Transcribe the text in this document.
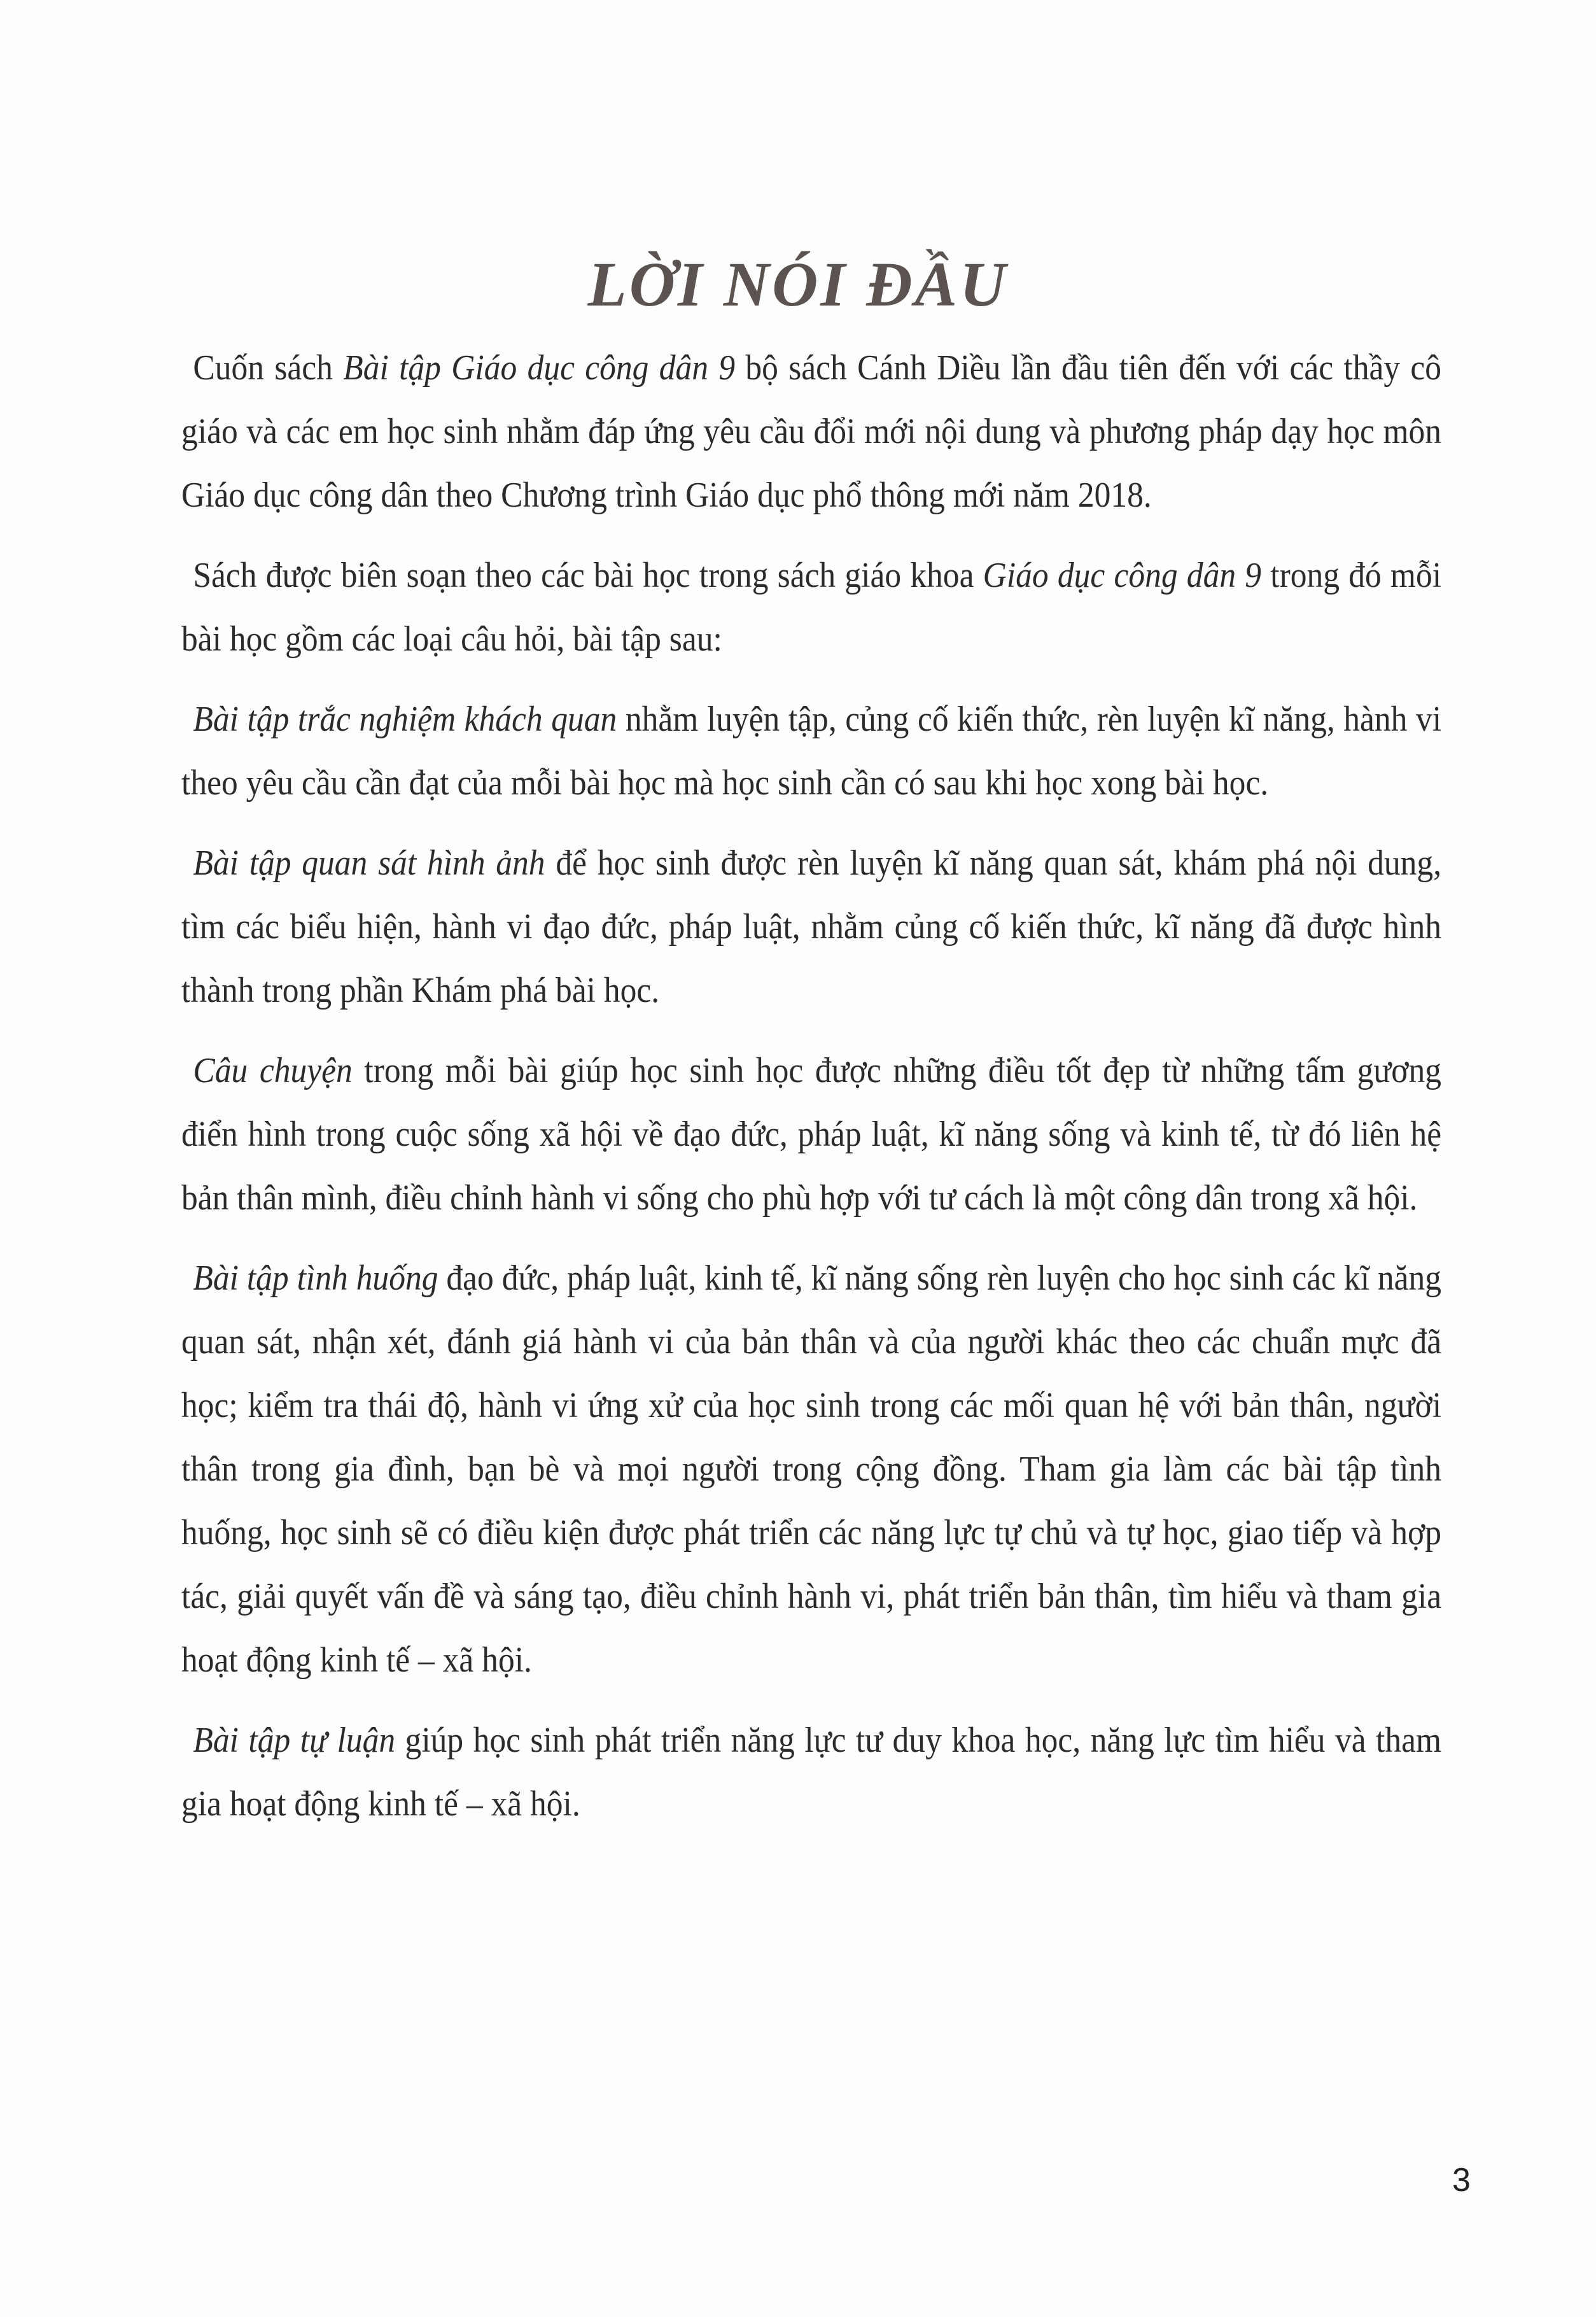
LỜI NÓI ĐẦU

Cuốn sách Bài tập Giáo dục công dân 9 bộ sách Cánh Diều lần đầu tiên đến với các thầy cô giáo và các em học sinh nhằm đáp ứng yêu cầu đổi mới nội dung và phương pháp dạy học môn Giáo dục công dân theo Chương trình Giáo dục phổ thông mới năm 2018.

Sách được biên soạn theo các bài học trong sách giáo khoa Giáo dục công dân 9 trong đó mỗi bài học gồm các loại câu hỏi, bài tập sau:

Bài tập trắc nghiệm khách quan nhằm luyện tập, củng cố kiến thức, rèn luyện kĩ năng, hành vi theo yêu cầu cần đạt của mỗi bài học mà học sinh cần có sau khi học xong bài học.

Bài tập quan sát hình ảnh để học sinh được rèn luyện kĩ năng quan sát, khám phá nội dung, tìm các biểu hiện, hành vi đạo đức, pháp luật, nhằm củng cố kiến thức, kĩ năng đã được hình thành trong phần Khám phá bài học.

Câu chuyện trong mỗi bài giúp học sinh học được những điều tốt đẹp từ những tấm gương điển hình trong cuộc sống xã hội về đạo đức, pháp luật, kĩ năng sống và kinh tế, từ đó liên hệ bản thân mình, điều chỉnh hành vi sống cho phù hợp với tư cách là một công dân trong xã hội.

Bài tập tình huống đạo đức, pháp luật, kinh tế, kĩ năng sống rèn luyện cho học sinh các kĩ năng quan sát, nhận xét, đánh giá hành vi của bản thân và của người khác theo các chuẩn mực đã học; kiểm tra thái độ, hành vi ứng xử của học sinh trong các mối quan hệ với bản thân, người thân trong gia đình, bạn bè và mọi người trong cộng đồng. Tham gia làm các bài tập tình huống, học sinh sẽ có điều kiện được phát triển các năng lực tự chủ và tự học, giao tiếp và hợp tác, giải quyết vấn đề và sáng tạo, điều chỉnh hành vi, phát triển bản thân, tìm hiểu và tham gia hoạt động kinh tế – xã hội.

Bài tập tự luận giúp học sinh phát triển năng lực tư duy khoa học, năng lực tìm hiểu và tham gia hoạt động kinh tế – xã hội.

3
